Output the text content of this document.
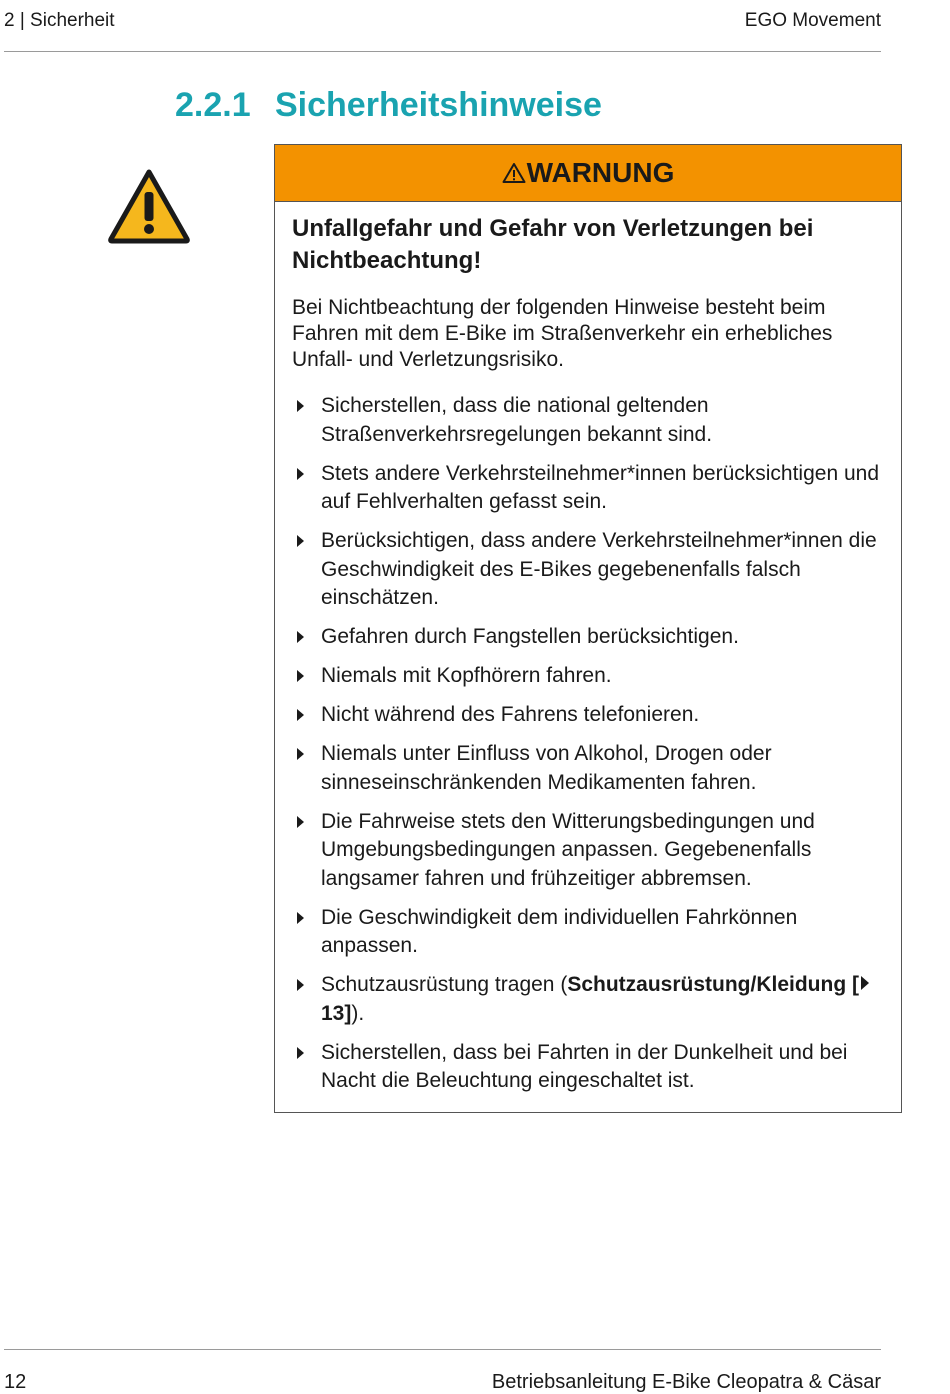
2 | Sicherheit	EGO Movement
2.2.1 Sicherheitshinweise
WARNUNG

Unfallgefahr und Gefahr von Verletzungen bei Nichtbeachtung!

Bei Nichtbeachtung der folgenden Hinweise besteht beim Fahren mit dem E-Bike im Straßenverkehr ein erhebliches Unfall- und Verletzungsrisiko.

Sicherstellen, dass die national geltenden Straßenverkehrsregelungen bekannt sind.
Stets andere Verkehrsteilnehmer*innen berücksichtigen und auf Fehlverhalten gefasst sein.
Berücksichtigen, dass andere Verkehrsteilnehmer*innen die Geschwindigkeit des E-Bikes gegebenenfalls falsch einschätzen.
Gefahren durch Fangstellen berücksichtigen.
Niemals mit Kopfhörern fahren.
Nicht während des Fahrens telefonieren.
Niemals unter Einfluss von Alkohol, Drogen oder sinneseinschränkenden Medikamenten fahren.
Die Fahrweise stets den Witterungsbedingungen und Umgebungsbedingungen anpassen. Gegebenenfalls langsamer fahren und frühzeitiger abbremsen.
Die Geschwindigkeit dem individuellen Fahrkönnen anpassen.
Schutzausrüstung tragen (Schutzausrüstung/Kleidung [13]).
Sicherstellen, dass bei Fahrten in der Dunkelheit und bei Nacht die Beleuchtung eingeschaltet ist.
12	Betriebsanleitung E-Bike Cleopatra & Cäsar
